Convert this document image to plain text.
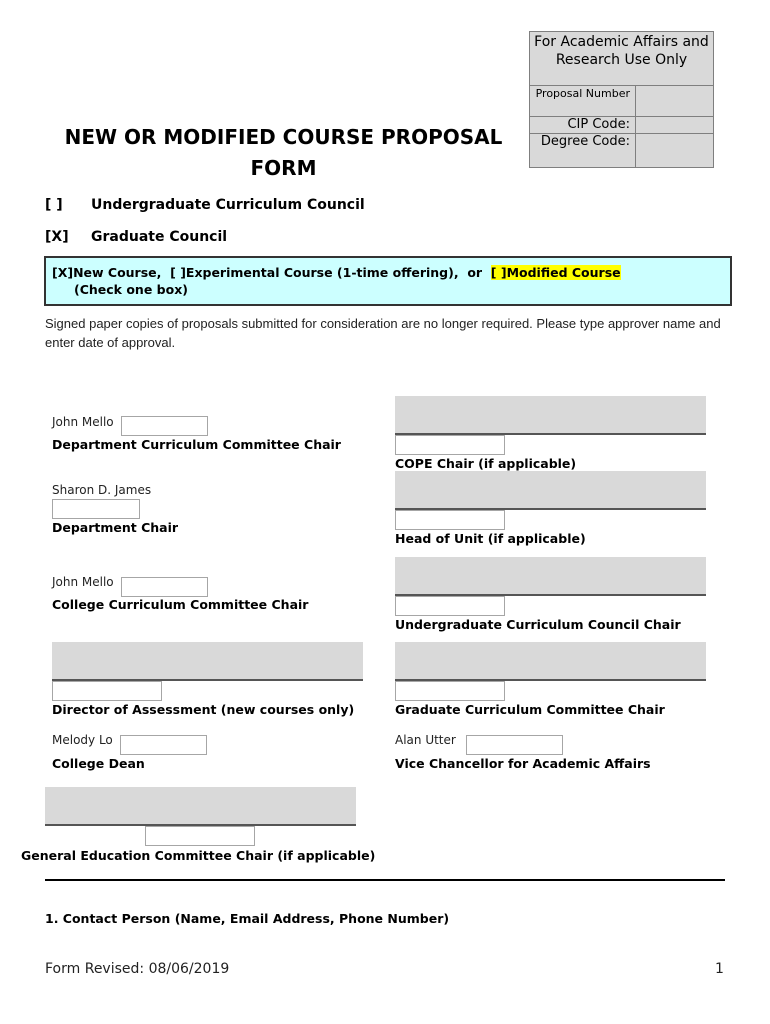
For Academic Affairs and Research Use Only
Proposal Number
CIP Code:
Degree Code:
NEW OR MODIFIED COURSE PROPOSAL FORM
[ ] Undergraduate Curriculum Council
[X] Graduate Council
[X]New Course, [ ]Experimental Course (1-time offering), or [ ]Modified Course
(Check one box)
Signed paper copies of proposals submitted for consideration are no longer required. Please type approver name and enter date of approval.
John Mello
Department Curriculum Committee Chair
Sharon D. James
Department Chair
John Mello
College Curriculum Committee Chair
Director of Assessment (new courses only)
Melody Lo
College Dean
COPE Chair (if applicable)
Head of Unit (if applicable)
Undergraduate Curriculum Council Chair
Graduate Curriculum Committee Chair
Alan Utter
Vice Chancellor for Academic Affairs
General Education Committee Chair (if applicable)
1. Contact Person (Name, Email Address, Phone Number)
Form Revised: 08/06/2019	1
